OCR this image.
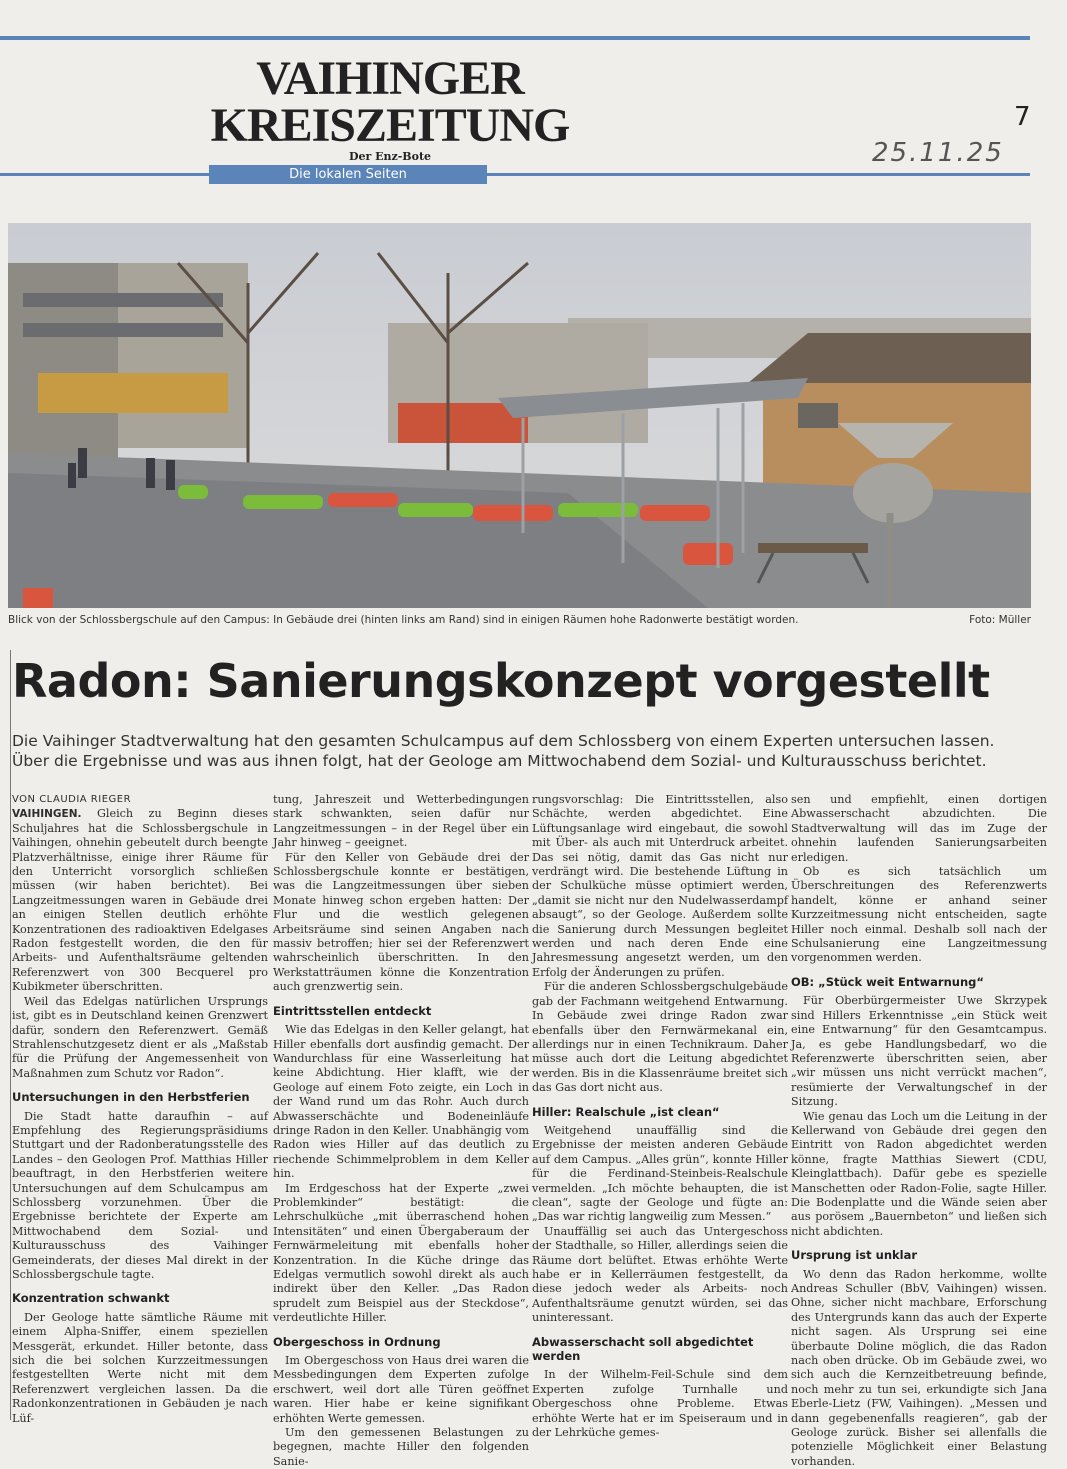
VAIHINGER
KREISZEITUNG
Der Enz-Bote
Die lokalen Seiten
7
25.11.25
Blick von der Schlossbergschule auf den Campus: In Gebäude drei (hinten links am Rand) sind in einigen Räumen hohe Radonwerte bestätigt worden.	Foto: Müller
Radon: Sanierungskonzept vorgestellt
Die Vaihinger Stadtverwaltung hat den gesamten Schulcampus auf dem Schlossberg von einem Experten untersuchen lassen. Über die Ergebnisse und was aus ihnen folgt, hat der Geologe am Mittwochabend dem Sozial- und Kulturausschuss berichtet.

VON CLAUDIA RIEGER

VAIHINGEN. Gleich zu Beginn dieses Schuljahres hat die Schlossbergschule in Vaihingen, ohnehin gebeutelt durch beengte Platzverhältnisse, einige ihrer Räume für den Unterricht vorsorglich schließen müssen (wir haben berichtet). Bei Langzeitmessungen waren in Gebäude drei an einigen Stellen deutlich erhöhte Konzentrationen des radioaktiven Edelgases Radon festgestellt worden, die den für Arbeits- und Aufenthaltsräume geltenden Referenzwert von 300 Becquerel pro Kubikmeter überschritten.

Weil das Edelgas natürlichen Ursprungs ist, gibt es in Deutschland keinen Grenzwert dafür, sondern den Referenzwert. Gemäß Strahlenschutzgesetz dient er als „Maßstab für die Prüfung der Angemessenheit von Maßnahmen zum Schutz vor Radon“.

Untersuchungen in den Herbstferien

Die Stadt hatte daraufhin – auf Empfehlung des Regierungspräsidiums Stuttgart und der Radonberatungsstelle des Landes – den Geologen Prof. Matthias Hiller beauftragt, in den Herbstferien weitere Untersuchungen auf dem Schulcampus am Schlossberg vorzunehmen. Über die Ergebnisse berichtete der Experte am Mittwochabend dem Sozial- und Kulturausschuss des Vaihinger Gemeinderats, der dieses Mal direkt in der Schlossbergschule tagte.

Konzentration schwankt

Der Geologe hatte sämtliche Räume mit einem Alpha-Sniffer, einem speziellen Messgerät, erkundet. Hiller betonte, dass sich die bei solchen Kurzzeitmessungen festgestellten Werte nicht mit dem Referenzwert vergleichen lassen. Da die Radonkonzentrationen in Gebäuden je nach Lüf-

tung, Jahreszeit und Wetterbedingungen stark schwankten, seien dafür nur Langzeitmessungen – in der Regel über ein Jahr hinweg – geeignet.

Für den Keller von Gebäude drei der Schlossbergschule konnte er bestätigen, was die Langzeitmessungen über sieben Monate hinweg schon ergeben hatten: Der Flur und die westlich gelegenen Arbeitsräume sind seinen Angaben nach massiv betroffen; hier sei der Referenzwert wahrscheinlich überschritten. In den Werkstatträumen könne die Konzentration auch grenzwertig sein.

Eintrittsstellen entdeckt

Wie das Edelgas in den Keller gelangt, hat Hiller ebenfalls dort ausfindig gemacht. Der Wandurchlass für eine Wasserleitung hat keine Abdichtung. Hier klafft, wie der Geologe auf einem Foto zeigte, ein Loch in der Wand rund um das Rohr. Auch durch Abwasserschächte und Bodeneinläufe dringe Radon in den Keller. Unabhängig vom Radon wies Hiller auf das deutlich zu riechende Schimmelproblem in dem Keller hin.

Im Erdgeschoss hat der Experte „zwei Problemkinder“ bestätigt: die Lehrschulküche „mit überraschend hohen Intensitäten“ und einen Übergaberaum der Fernwärmeleitung mit ebenfalls hoher Konzentration. In die Küche dringe das Edelgas vermutlich sowohl direkt als auch indirekt über den Keller. „Das Radon sprudelt zum Beispiel aus der Steckdose“, verdeutlichte Hiller.

Obergeschoss in Ordnung

Im Obergeschoss von Haus drei waren die Messbedingungen dem Experten zufolge erschwert, weil dort alle Türen geöffnet waren. Hier habe er keine signifikant erhöhten Werte gemessen.

Um den gemessenen Belastungen zu begegnen, machte Hiller den folgenden Sanie-

rungsvorschlag: Die Eintrittsstellen, also Schächte, werden abgedichtet. Eine Lüftungsanlage wird eingebaut, die sowohl mit Über- als auch mit Unterdruck arbeitet. Das sei nötig, damit das Gas nicht nur verdrängt wird. Die bestehende Lüftung in der Schulküche müsse optimiert werden, „damit sie nicht nur den Nudelwasserdampf absaugt“, so der Geologe. Außerdem sollte die Sanierung durch Messungen begleitet werden und nach deren Ende eine Jahresmessung angesetzt werden, um den Erfolg der Änderungen zu prüfen.

Für die anderen Schlossbergschulgebäude gab der Fachmann weitgehend Entwarnung. In Gebäude zwei dringe Radon zwar ebenfalls über den Fernwärmekanal ein, allerdings nur in einen Technikraum. Daher müsse auch dort die Leitung abgedichtet werden. Bis in die Klassenräume breitet sich das Gas dort nicht aus.

Hiller: Realschule „ist clean“

Weitgehend unauffällig sind die Ergebnisse der meisten anderen Gebäude auf dem Campus. „Alles grün“, konnte Hiller für die Ferdinand-Steinbeis-Realschule vermelden. „Ich möchte behaupten, die ist clean“, sagte der Geologe und fügte an: „Das war richtig langweilig zum Messen.“

Unauffällig sei auch das Untergeschoss der Stadthalle, so Hiller, allerdings seien die Räume dort belüftet. Etwas erhöhte Werte habe er in Kellerräumen festgestellt, da diese jedoch weder als Arbeits- noch Aufenthaltsräume genutzt würden, sei das uninteressant.

Abwasserschacht soll abgedichtet werden

In der Wilhelm-Feil-Schule sind dem Experten zufolge Turnhalle und Obergeschoss ohne Probleme. Etwas erhöhte Werte hat er im Speiseraum und in der Lehrküche gemes-

sen und empfiehlt, einen dortigen Abwasserschacht abzudichten. Die Stadtverwaltung will das im Zuge der ohnehin laufenden Sanierungsarbeiten erledigen.

Ob es sich tatsächlich um Überschreitungen des Referenzwerts handelt, könne er anhand seiner Kurzzeitmessung nicht entscheiden, sagte Hiller noch einmal. Deshalb soll nach der Schulsanierung eine Langzeitmessung vorgenommen werden.

OB: „Stück weit Entwarnung“

Für Oberbürgermeister Uwe Skrzypek sind Hillers Erkenntnisse „ein Stück weit eine Entwarnung“ für den Gesamtcampus. Ja, es gebe Handlungsbedarf, wo die Referenzwerte überschritten seien, aber „wir müssen uns nicht verrückt machen“, resümierte der Verwaltungschef in der Sitzung.

Wie genau das Loch um die Leitung in der Kellerwand von Gebäude drei gegen den Eintritt von Radon abgedichtet werden könne, fragte Matthias Siewert (CDU, Kleinglattbach). Dafür gebe es spezielle Manschetten oder Radon-Folie, sagte Hiller. Die Bodenplatte und die Wände seien aber aus porösem „Bauernbeton“ und ließen sich nicht abdichten.

Ursprung ist unklar

Wo denn das Radon herkomme, wollte Andreas Schuller (BbV, Vaihingen) wissen. Ohne, sicher nicht machbare, Erforschung des Untergrunds kann das auch der Experte nicht sagen. Als Ursprung sei eine überbaute Doline möglich, die das Radon nach oben drücke. Ob im Gebäude zwei, wo sich auch die Kernzeitbetreuung befinde, noch mehr zu tun sei, erkundigte sich Jana Eberle-Lietz (FW, Vaihingen). „Messen und dann gegebenenfalls reagieren“, gab der Geologe zurück. Bisher sei allenfalls die potenzielle Möglichkeit einer Belastung vorhanden.
